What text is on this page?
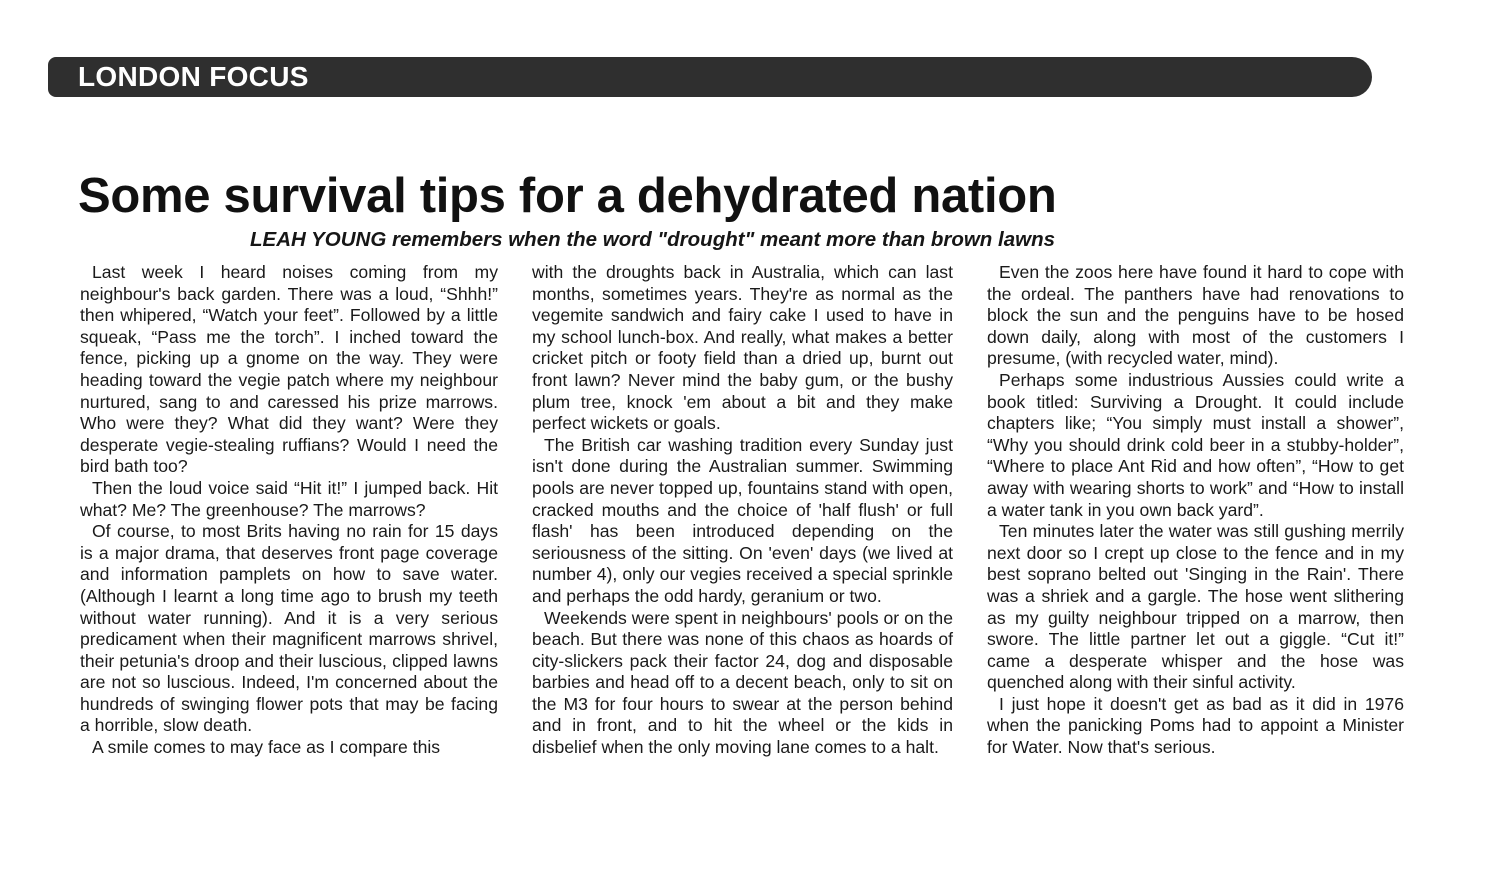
LONDON FOCUS
Some survival tips for a dehydrated nation

LEAH YOUNG remembers when the word "drought" meant more than brown lawns

Last week I heard noises coming from my neighbour's back garden. There was a loud, “Shhh!” then whipered, “Watch your feet”. Followed by a little squeak, “Pass me the torch”. I inched toward the fence, picking up a gnome on the way. They were heading toward the vegie patch where my neighbour nurtured, sang to and caressed his prize marrows. Who were they? What did they want? Were they desperate vegie-stealing ruffians? Would I need the bird bath too?

Then the loud voice said “Hit it!” I jumped back. Hit what? Me? The greenhouse? The marrows?

Of course, to most Brits having no rain for 15 days is a major drama, that deserves front page coverage and information pamplets on how to save water. (Although I learnt a long time ago to brush my teeth without water running). And it is a very serious predicament when their magnificent marrows shrivel, their petunia's droop and their luscious, clipped lawns are not so luscious. Indeed, I'm concerned about the hundreds of swinging flower pots that may be facing a horrible, slow death.

A smile comes to may face as I compare this

with the droughts back in Australia, which can last months, sometimes years. They're as normal as the vegemite sandwich and fairy cake I used to have in my school lunch-box. And really, what makes a better cricket pitch or footy field than a dried up, burnt out front lawn? Never mind the baby gum, or the bushy plum tree, knock 'em about a bit and they make perfect wickets or goals.

The British car washing tradition every Sunday just isn't done during the Australian summer. Swimming pools are never topped up, fountains stand with open, cracked mouths and the choice of 'half flush' or full flash' has been introduced depending on the seriousness of the sitting. On 'even' days (we lived at number 4), only our vegies received a special sprinkle and perhaps the odd hardy, geranium or two.

Weekends were spent in neighbours' pools or on the beach. But there was none of this chaos as hoards of city-slickers pack their factor 24, dog and disposable barbies and head off to a decent beach, only to sit on the M3 for four hours to swear at the person behind and in front, and to hit the wheel or the kids in disbelief when the only moving lane comes to a halt.

Even the zoos here have found it hard to cope with the ordeal. The panthers have had renovations to block the sun and the penguins have to be hosed down daily, along with most of the customers I presume, (with recycled water, mind).

Perhaps some industrious Aussies could write a book titled: Surviving a Drought. It could include chapters like; “You simply must install a shower”, “Why you should drink cold beer in a stubby-holder”, “Where to place Ant Rid and how often”, “How to get away with wearing shorts to work” and “How to install a water tank in you own back yard”.

Ten minutes later the water was still gushing merrily next door so I crept up close to the fence and in my best soprano belted out 'Singing in the Rain'. There was a shriek and a gargle. The hose went slithering as my guilty neighbour tripped on a marrow, then swore. The little partner let out a giggle. “Cut it!” came a desperate whisper and the hose was quenched along with their sinful activity.

I just hope it doesn't get as bad as it did in 1976 when the panicking Poms had to appoint a Minister for Water. Now that's serious.
